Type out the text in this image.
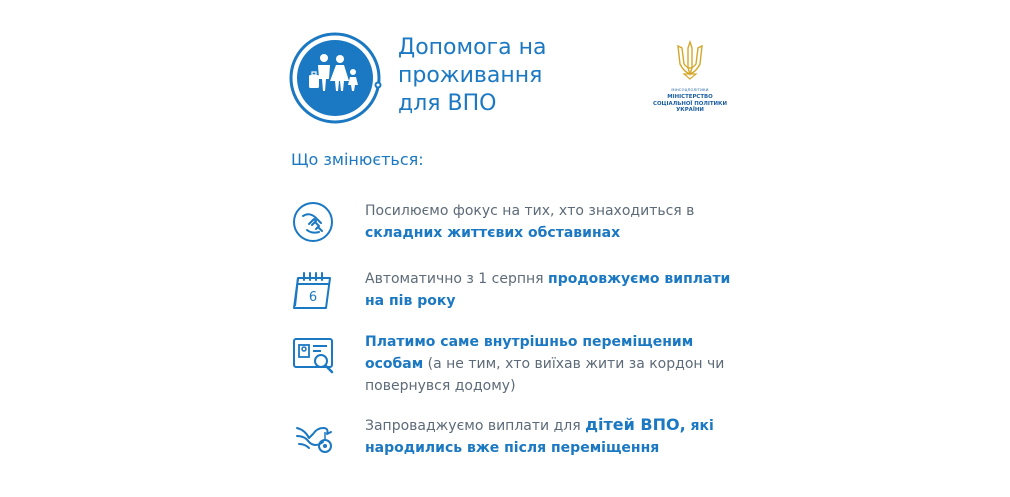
Допомога на
проживання
для ВПО
МІНСОЦПОЛІТИКИ
МІНІСТЕРСТВО
СОЦІАЛЬНОЇ ПОЛІТИКИ
УКРАЇНИ
Що змінюється:
Посилюємо фокус на тих, хто знаходиться в складних життєвих обставинах
6
Автоматично з 1 серпня продовжуємо виплати на пів року
Платимо саме внутрішньо переміщеним особам (а не тим, хто виїхав жити за кордон чи повернувся додому)
Запроваджуємо виплати для дітей ВПО, які народились вже після переміщення
